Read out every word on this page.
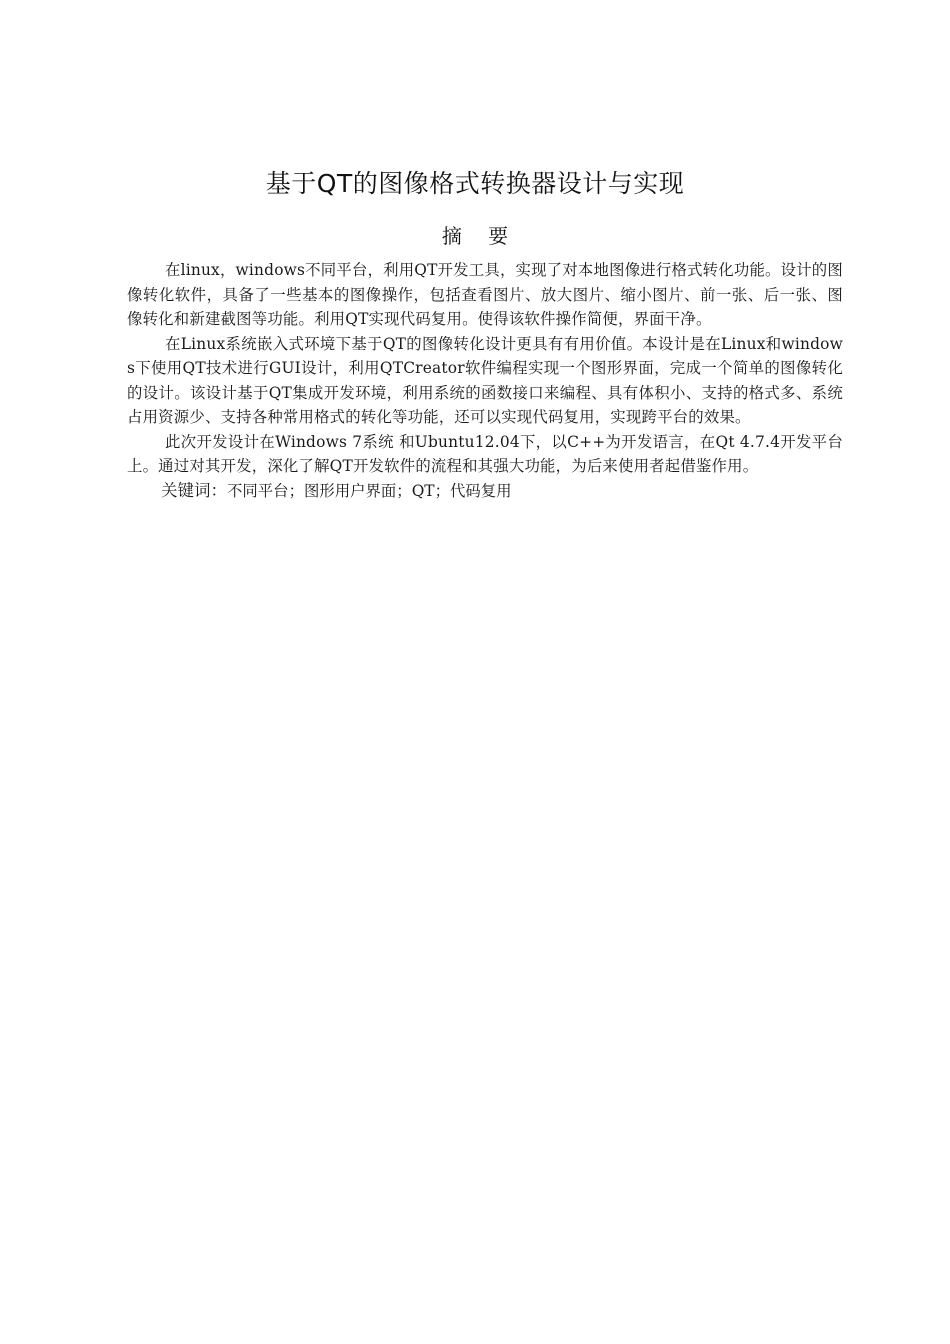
基于QT的图像格式转换器设计与实现
摘 要

在linux，windows不同平台，利用QT开发工具，实现了对本地图像进行格式转化功能。设计的图像转化软件，具备了一些基本的图像操作，包括查看图片、放大图片、缩小图片、前一张、后一张、图像转化和新建截图等功能。利用QT实现代码复用。使得该软件操作简便，界面干净。

在Linux系统嵌入式环境下基于QT的图像转化设计更具有有用价值。本设计是在Linux和windows下使用QT技术进行GUI设计，利用QTCreator软件编程实现一个图形界面，完成一个简单的图像转化的设计。该设计基于QT集成开发环境，利用系统的函数接口来编程、具有体积小、支持的格式多、系统占用资源少、支持各种常用格式的转化等功能，还可以实现代码复用，实现跨平台的效果。

此次开发设计在Windows 7系统 和Ubuntu12.04下，以C++为开发语言，在Qt 4.7.4开发平台上。通过对其开发，深化了解QT开发软件的流程和其强大功能，为后来使用者起借鉴作用。

关键词：不同平台；图形用户界面；QT；代码复用
